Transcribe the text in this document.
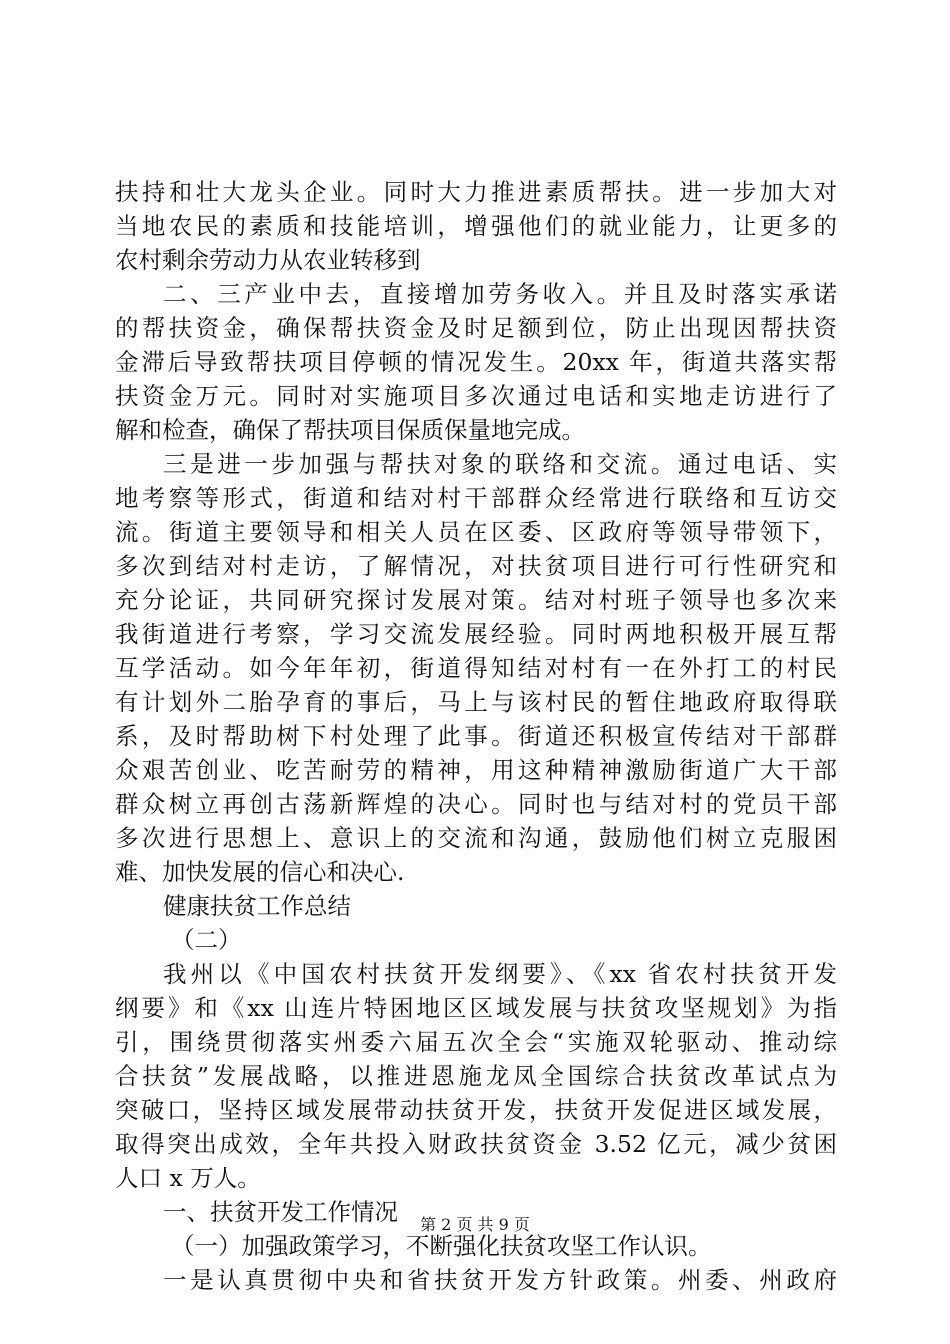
扶持和壮大龙头企业。同时大力推进素质帮扶。进一步加大对
当地农民的素质和技能培训，增强他们的就业能力，让更多的
农村剩余劳动力从农业转移到
二、三产业中去，直接增加劳务收入。并且及时落实承诺
的帮扶资金，确保帮扶资金及时足额到位，防止出现因帮扶资
金滞后导致帮扶项目停顿的情况发生。20xx 年，街道共落实帮
扶资金万元。同时对实施项目多次通过电话和实地走访进行了
解和检查，确保了帮扶项目保质保量地完成。
三是进一步加强与帮扶对象的联络和交流。通过电话、实
地考察等形式，街道和结对村干部群众经常进行联络和互访交
流。街道主要领导和相关人员在区委、区政府等领导带领下，
多次到结对村走访，了解情况，对扶贫项目进行可行性研究和
充分论证，共同研究探讨发展对策。结对村班子领导也多次来
我街道进行考察，学习交流发展经验。同时两地积极开展互帮
互学活动。如今年年初，街道得知结对村有一在外打工的村民
有计划外二胎孕育的事后，马上与该村民的暂住地政府取得联
系，及时帮助树下村处理了此事。街道还积极宣传结对干部群
众艰苦创业、吃苦耐劳的精神，用这种精神激励街道广大干部
群众树立再创古荡新辉煌的决心。同时也与结对村的党员干部
多次进行思想上、意识上的交流和沟通，鼓励他们树立克服困
难、加快发展的信心和决心.
健康扶贫工作总结
（二）
我州以《中国农村扶贫开发纲要》、《xx 省农村扶贫开发
纲要》和《xx 山连片特困地区区域发展与扶贫攻坚规划》为指
引，围绕贯彻落实州委六届五次全会“实施双轮驱动、推动综
合扶贫”发展战略，以推进恩施龙凤全国综合扶贫改革试点为
突破口，坚持区域发展带动扶贫开发，扶贫开发促进区域发展，
取得突出成效，全年共投入财政扶贫资金 3.52 亿元，减少贫困
人口 x 万人。
一、扶贫开发工作情况
（一）加强政策学习，不断强化扶贫攻坚工作认识。
一是认真贯彻中央和省扶贫开发方针政策。州委、州政府
第 2 页 共 9 页
